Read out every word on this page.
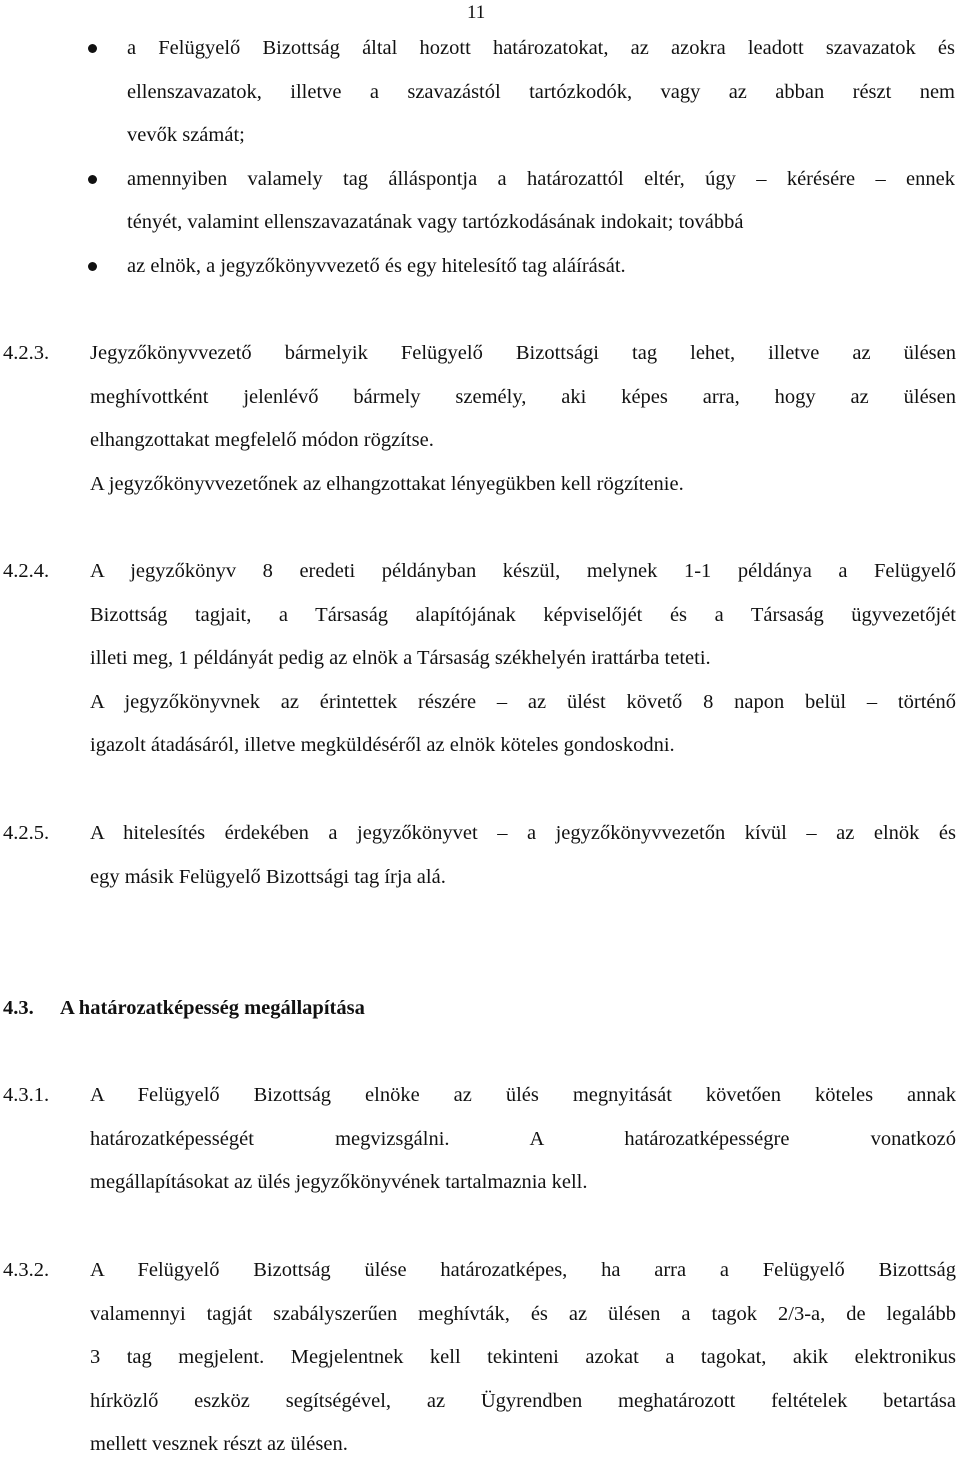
11
a Felügyelő Bizottság által hozott határozatokat, az azokra leadott szavazatok és
ellenszavazatok, illetve a szavazástól tartózkodók, vagy az abban részt nem
vevők számát;
amennyiben valamely tag álláspontja a határozattól eltér, úgy – kérésére – ennek
tényét, valamint ellenszavazatának vagy tartózkodásának indokait; továbbá
az elnök, a jegyzőkönyvvezető és egy hitelesítő tag aláírását.
4.2.3. Jegyzőkönyvvezető bármelyik Felügyelő Bizottsági tag lehet, illetve az ülésen
meghívottként jelenlévő bármely személy, aki képes arra, hogy az ülésen
elhangzottakat megfelelő módon rögzítse.
A jegyzőkönyvvezetőnek az elhangzottakat lényegükben kell rögzítenie.
4.2.4. A jegyzőkönyv 8 eredeti példányban készül, melynek 1-1 példánya a Felügyelő
Bizottság tagjait, a Társaság alapítójának képviselőjét és a Társaság ügyvezetőjét
illeti meg, 1 példányát pedig az elnök a Társaság székhelyén irattárba teteti.
A jegyzőkönyvnek az érintettek részére – az ülést követő 8 napon belül – történő
igazolt átadásáról, illetve megküldéséről az elnök köteles gondoskodni.
4.2.5. A hitelesítés érdekében a jegyzőkönyvet – a jegyzőkönyvvezetőn kívül – az elnök és
egy másik Felügyelő Bizottsági tag írja alá.
4.3. A határozatképesség megállapítása
4.3.1. A Felügyelő Bizottság elnöke az ülés megnyitását követően köteles annak
határozatképességét megvizsgálni. A határozatképességre vonatkozó
megállapításokat az ülés jegyzőkönyvének tartalmaznia kell.
4.3.2. A Felügyelő Bizottság ülése határozatképes, ha arra a Felügyelő Bizottság
valamennyi tagját szabályszerűen meghívták, és az ülésen a tagok 2/3-a, de legalább
3 tag megjelent. Megjelentnek kell tekinteni azokat a tagokat, akik elektronikus
hírközlő eszköz segítségével, az Ügyrendben meghatározott feltételek betartása
mellett vesznek részt az ülésen.
